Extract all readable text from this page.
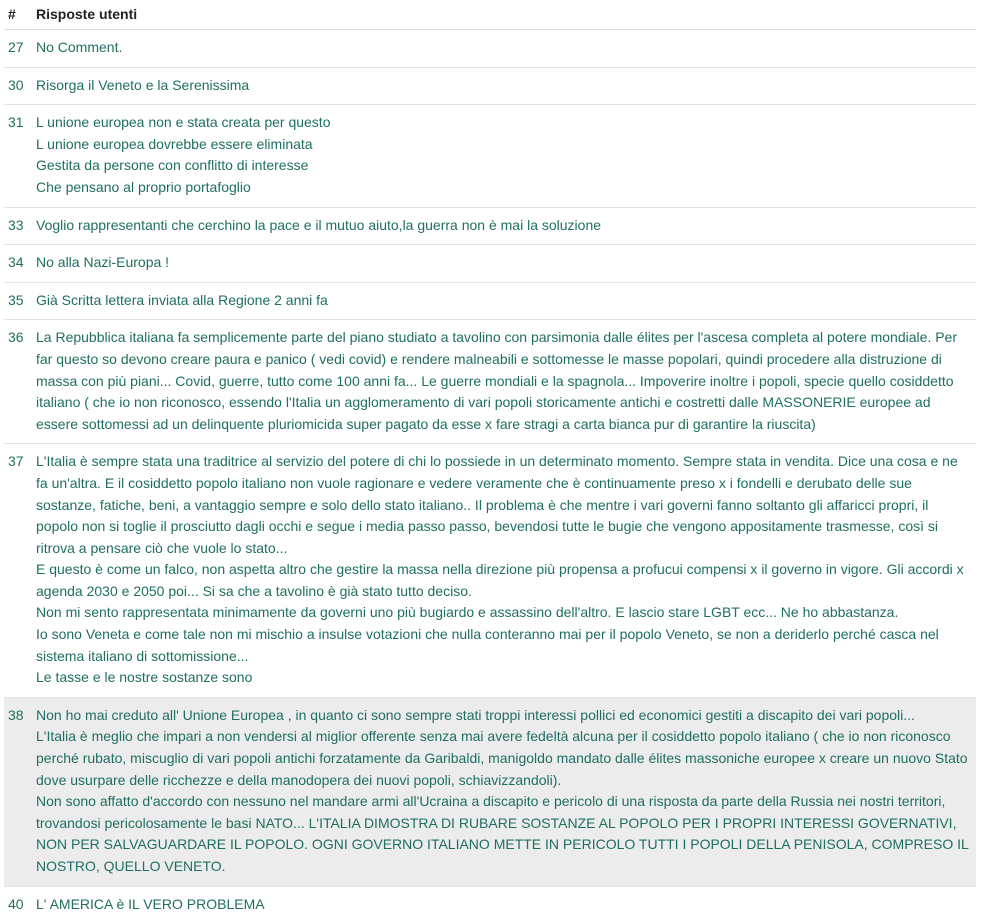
#	Risposte utenti
27	No Comment.

30	Risorga il Veneto e la Serenissima

31	L unione europea non e stata creata per questo
L unione europea dovrebbe essere eliminata
Gestita da persone con conflitto di interesse
Che pensano al proprio portafoglio

33	Voglio rappresentanti che cerchino la pace e il mutuo aiuto,la guerra non è mai la soluzione

34	No alla Nazi-Europa !

35	Già Scritta lettera inviata alla Regione 2 anni fa

36	La Repubblica italiana fa semplicemente parte del piano studiato a tavolino con parsimonia dalle élites per l'ascesa completa al potere mondiale. Per far questo so devono creare paura e panico ( vedi covid) e rendere malneabili e sottomesse le masse popolari, quindi procedere alla distruzione di massa con più piani... Covid, guerre, tutto come 100 anni fa... Le guerre mondiali e la spagnola... Impoverire inoltre i popoli, specie quello cosiddetto italiano ( che io non riconosco, essendo l'Italia un agglomeramento di vari popoli storicamente antichi e costretti dalle MASSONERIE europee ad essere sottomessi ad un delinquente pluriomicida super pagato da esse x fare stragi a carta bianca pur di garantire la riuscita)

37	L'Italia è sempre stata una traditrice al servizio del potere di chi lo possiede in un determinato momento. Sempre stata in vendita. Dice una cosa e ne fa un'altra. E il cosiddetto popolo italiano non vuole ragionare e vedere veramente che è continuamente preso x i fondelli e derubato delle sue sostanze, fatiche, beni, a vantaggio sempre e solo dello stato italiano.. Il problema è che mentre i vari governi fanno soltanto gli affaricci propri, il popolo non si toglie il prosciutto dagli occhi e segue i media passo passo, bevendosi tutte le bugie che vengono appositamente trasmesse, così si ritrova a pensare ciò che vuole lo stato...
E questo è come un falco, non aspetta altro che gestire la massa nella direzione più propensa a profucui compensi x il governo in vigore. Gli accordi x agenda 2030 e 2050 poi... Si sa che a tavolino è già stato tutto deciso.
Non mi sento rappresentata minimamente da governi uno più bugiardo e assassino dell'altro. E lascio stare LGBT ecc... Ne ho abbastanza.
Io sono Veneta e come tale non mi mischio a insulse votazioni che nulla conteranno mai per il popolo Veneto, se non a deriderlo perché casca nel sistema italiano di sottomissione...
Le tasse e le nostre sostanze sono

38	Non ho mai creduto all' Unione Europea , in quanto ci sono sempre stati troppi interessi pollici ed economici gestiti a discapito dei vari popoli...
L'Italia è meglio che impari a non vendersi al miglior offerente senza mai avere fedeltà alcuna per il cosiddetto popolo italiano ( che io non riconosco perché rubato, miscuglio di vari popoli antichi forzatamente da Garibaldi, manigoldo mandato dalle élites massoniche europee x creare un nuovo Stato dove usurpare delle ricchezze e della manodopera dei nuovi popoli, schiavizzandoli).
Non sono affatto d'accordo con nessuno nel mandare armi all'Ucraina a discapito e pericolo di una risposta da parte della Russia nei nostri territori, trovandosi pericolosamente le basi NATO... L'ITALIA DIMOSTRA DI RUBARE SOSTANZE AL POPOLO PER I PROPRI INTERESSI GOVERNATIVI, NON PER SALVAGUARDARE IL POPOLO. OGNI GOVERNO ITALIANO METTE IN PERICOLO TUTTI I POPOLI DELLA PENISOLA, COMPRESO IL NOSTRO, QUELLO VENETO.

40	L' AMERICA è IL VERO PROBLEMA
